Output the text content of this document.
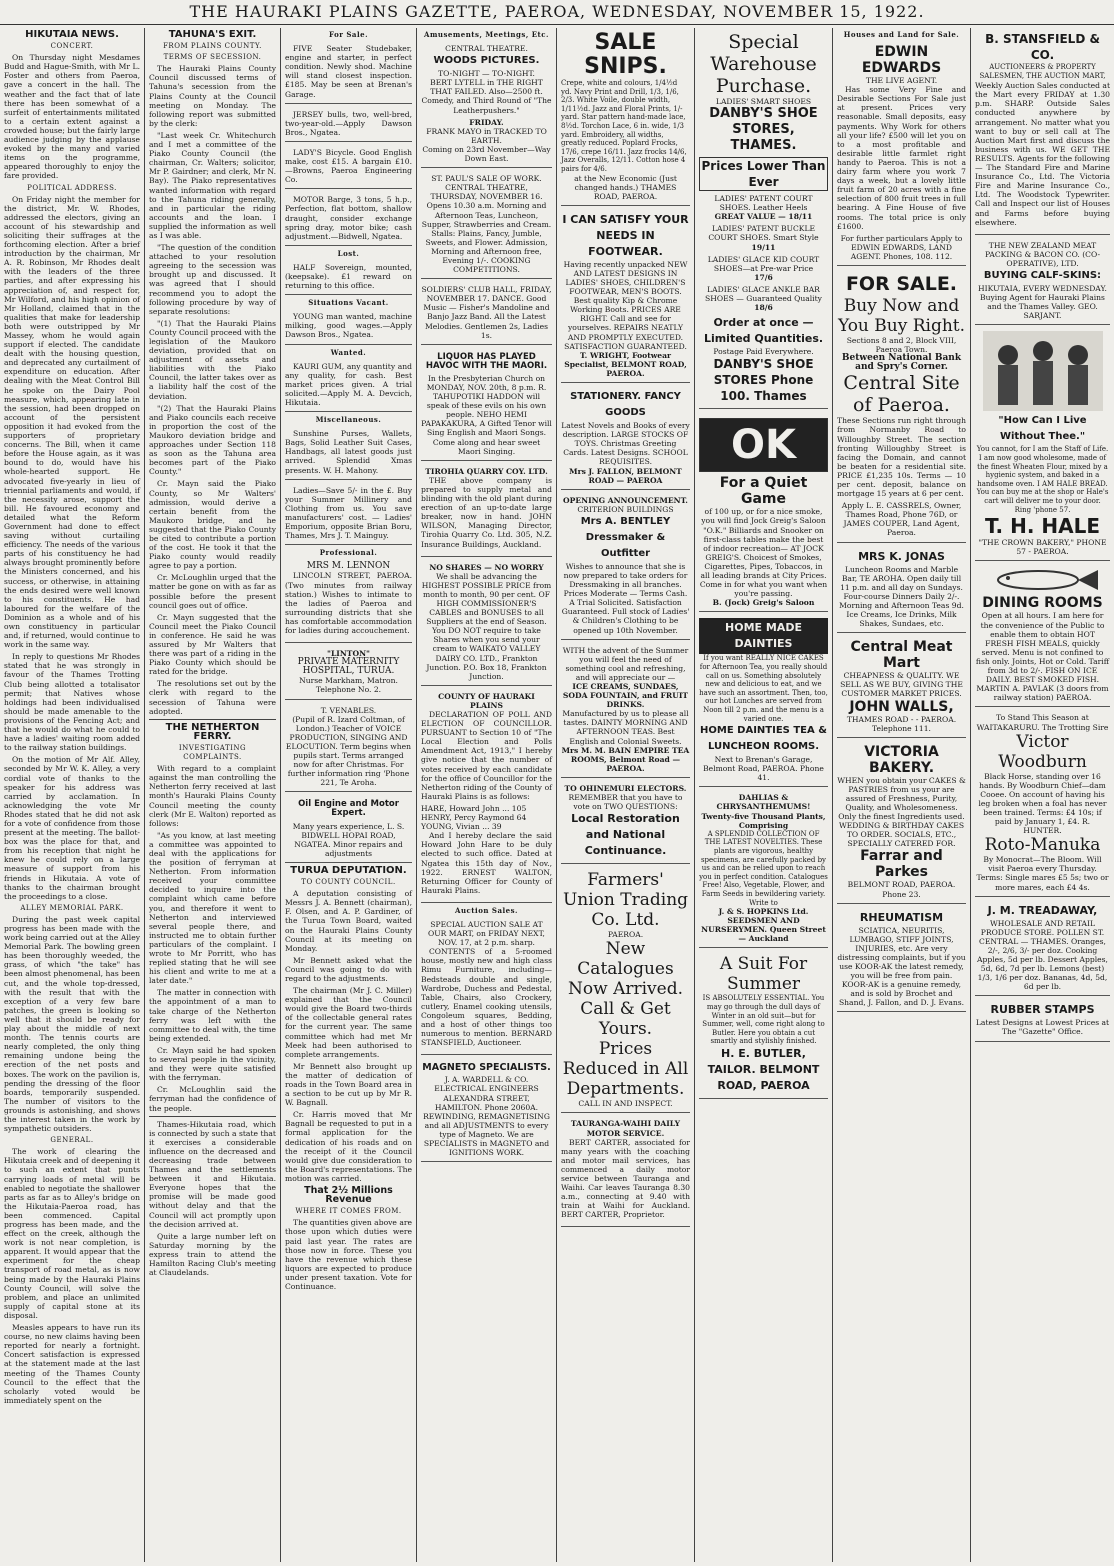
THE HAURAKI PLAINS GAZETTE, PAEROA, WEDNESDAY, NOVEMBER 15, 1922.
HIKUTAIA NEWS.
CONCERT.

On Thursday night Mesdames Budd and Hague-Smith, with Mr L. Foster and others from Paeroa, gave a concert in the hall. The weather and the fact that of late there has been somewhat of a surfeit of entertainments militated to a certain extent against a crowded house; but the fairly large audience judging by the applause evoked by the many and varied items on the programme, appeared thoroughly to enjoy the fare provided.

POLITICAL ADDRESS.

On Friday night the member for the district, Mr. W. Rhodes, addressed the electors, giving an account of his stewardship and soliciting their suffrages at the forthcoming election. After a brief introduction by the chairman, Mr A. R. Robinson, Mr Rhodes dealt with the leaders of the three parties, and after expressing his appreciation of, and respect for, Mr Wilford, and his high opinion of Mr Holland, claimed that in the qualities that make for leadership both were outstripped by Mr Massey, whom he would again support if elected. The candidate dealt with the housing question, and deprecated any curtailment of expenditure on education. After dealing with the Meat Control Bill he spoke on the Dairy Pool measure, which, appearing late in the session, had been dropped on account of the persistent opposition it had evoked from the supporters of proprietary concerns. The Bill, when it came before the House again, as it was bound to do, would have his whole-hearted support. He advocated five-yearly in lieu of triennial parliaments and would, if the necessity arose, support the bill. He favoured economy and detailed what the Reform Government had done to effect saving without curtailing efficiency. The needs of the various parts of his constituency he had always brought prominently before the Ministers concerned, and his success, or otherwise, in attaining the ends desired were well known to his constituents. He had laboured for the welfare of the Dominion as a whole and of his own constituency in particular and, if returned, would continue to work in the same way.

In reply to questions Mr Rhodes stated that he was strongly in favour of the Thames Trotting Club being allotted a totalisator permit; that Natives whose holdings had been individualised should be made amenable to the provisions of the Fencing Act; and that he would do what he could to have a ladies' waiting room added to the railway station buildings.

On the motion of Mr Alf. Alley, seconded by Mr W. K. Alley, a very cordial vote of thanks to the speaker for his address was carried by acclamation. In acknowledging the vote Mr Rhodes stated that he did not ask for a vote of confidence from those present at the meeting. The ballot-box was the place for that, and from his reception that night he knew he could rely on a large measure of support from his friends in Hikutaia. A vote of thanks to the chairman brought the proceedings to a close.

ALLEY MEMORIAL PARK.

During the past week capital progress has been made with the work being carried out at the Alley Memorial Park. The bowling green has been thoroughly weeded, the grass, of which "the take" has been almost phenomenal, has been cut, and the whole top-dressed, with the result that with the exception of a very few bare patches, the green is looking so well that it should be ready for play about the middle of next month. The tennis courts are nearly completed, the only thing remaining undone being the erection of the net posts and boxes. The work on the pavilion is, pending the dressing of the floor boards, temporarily suspended. The number of visitors to the grounds is astonishing, and shows the interest taken in the work by sympathetic outsiders.

GENERAL.

The work of clearing the Hikutaia creek and of deepening it to such an extent that punts carrying loads of metal will be enabled to negotiate the shallower parts as far as to Alley's bridge on the Hikutaia-Paeroa road, has been commenced. Capital progress has been made, and the effect on the creek, although the work is not near completion, is apparent. It would appear that the experiment for the cheap transport of road metal, as is now being made by the Hauraki Plains County Council, will solve the problem, and place an unlimited supply of capital stone at its disposal.

Measles appears to have run its course, no new claims having been reported for nearly a fortnight. Concert satisfaction is expressed at the statement made at the last meeting of the Thames County Council to the effect that the scholarly voted would be immediately spent on the

TAHUNA'S EXIT.
FROM PLAINS COUNTY.
TERMS OF SECESSION.

The Hauraki Plains County Council discussed terms of Tahuna's secession from the Plains County at the Council meeting on Monday. The following report was submitted by the clerk:

"Last week Cr. Whitechurch and I met a committee of the Piako County Council (the chairman, Cr. Walters; solicitor, Mr P. Gairdner; and clerk, Mr N. Bay). The Piako representatives wanted information with regard to the Tahuna riding generally, and in particular the riding accounts and the loan. I supplied the information as well as I was able.

"The question of the condition attached to your resolution agreeing to the secession was brought up and discussed. It was agreed that I should recommend you to adopt the following procedure by way of separate resolutions:

"(1) That the Hauraki Plains County Council proceed with the legislation of the Maukoro deviation, provided that on adjustment of assets and liabilities with the Piako Council, the latter takes over as a liability half the cost of the deviation.

"(2) That the Hauraki Plains and Piako councils each receive in proportion the cost of the Maukoro deviation bridge and approaches under Section 118 as soon as the Tahuna area becomes part of the Piako County."

Cr. Mayn said the Piako County, so Mr Walters' admission, would derive a certain benefit from the Maukoro bridge, and he suggested that the Piako County be cited to contribute a portion of the cost. He took it that the Piako county would readily agree to pay a portion.

Cr. McLoughlin urged that the matter be gone on with as far as possible before the present council goes out of office.

Cr. Mayn suggested that the Council meet the Piako Council in conference. He said he was assured by Mr Walters that there was part of a riding in the Piako County which should be rated for the bridge.

The resolutions set out by the clerk with regard to the secession of Tahuna were adopted.

THE NETHERTON FERRY.
INVESTIGATING COMPLAINTS.

With regard to a complaint against the man controlling the Netherton ferry received at last month's Hauraki Plains County Council meeting the county clerk (Mr E. Walton) reported as follows:

"As you know, at last meeting a committee was appointed to deal with the applications for the position of ferryman at Netherton. From information received your committee decided to inquire into the complaint which came before you, and therefore it went to Netherton and interviewed several people there, and instructed me to obtain further particulars of the complaint. I wrote to Mr Porritt, who has replied stating that he will see his client and write to me at a later date."

The matter in connection with the appointment of a man to take charge of the Netherton ferry was left with the committee to deal with, the time being extended.

Cr. Mayn said he had spoken to several people in the vicinity, and they were quite satisfied with the ferryman.

Cr. McLoughlin said the ferryman had the confidence of the people.

Thames-Hikutaia road, which is connected by such a state that it exercises a considerable influence on the decreased and decreasing trade between Thames and the settlements between it and Hikutaia. Everyone hopes that the promise will be made good without delay and that the Council will act promptly upon the decision arrived at.

Quite a large number left on Saturday morning by the express train to attend the Hamilton Racing Club's meeting at Claudelands.

For Sale.
FIVE Seater Studebaker, engine and starter, in perfect condition. Newly shod. Machine will stand closest inspection. £185. May be seen at Brenan's Garage.
JERSEY bulls, two, well-bred, two-year-old.—Apply Dawson Bros., Ngatea.
LADY'S Bicycle. Good English make, cost £15. A bargain £10.—Browns, Paeroa Engineering Co.
MOTOR Barge, 3 tons, 5 h.p., Perfection, flat bottom, shallow draught, consider exchange spring dray, motor bike; cash adjustment.—Bidwell, Ngatea.
Lost.
HALF Sovereign, mounted, (keepsake). £1 reward on returning to this office.
Situations Vacant.
YOUNG man wanted, machine milking, good wages.—Apply Dawson Bros., Ngatea.
Wanted.
KAURI GUM, any quantity and any quality, for cash. Best market prices given. A trial solicited.—Apply M. A. Devcich, Hikutaia.
Miscellaneous.
Sunshine Purses, Wallets, Bags, Solid Leather Suit Cases, Handbags, all latest goods just arrived. Splendid Xmas presents. W. H. Mahony.
Ladies—Save 5/- in the £. Buy your Summer Millinery and Clothing from us. You save manufacturers' cost. — Ladies' Emporium, opposite Brian Boru, Thames, Mrs J. T. Mainguy.
Professional.
MRS M. LENNON
LINCOLN STREET, PAEROA. (Two minutes from railway station.) Wishes to intimate to the ladies of Paeroa and surrounding districts that she has comfortable accommodation for ladies during accouchement.
"LINTON"
PRIVATE MATERNITY HOSPITAL, TURUA.
Nurse Markham, Matron. Telephone No. 2.
T. VENABLES.
(Pupil of R. Izard Coltman, of London.) Teacher of VOICE PRODUCTION, SINGING AND ELOCUTION. Term begins when pupils start. Terms arranged now for after Christmas. For further information ring 'Phone 221, Te Aroha.
Oil Engine and Motor Expert.
Many years experience, L. S. BIDWELL HOPAI ROAD, NGATEA. Minor repairs and adjustments
TURUA DEPUTATION.
TO COUNTY COUNCIL.

A deputation consisting of Messrs J. A. Bennett (chairman), F. Olsen, and A. P. Gardiner, of the Turua Town Board, waited on the Hauraki Plains County Council at its meeting on Monday.

Mr Bennett asked what the Council was going to do with regard to the adjustments.

The chairman (Mr J. C. Miller) explained that the Council would give the Board two-thirds of the collectable general rates for the current year. The same committee which had met Mr Meek had been authorised to complete arrangements.

Mr Bennett also brought up the matter of dedication of roads in the Town Board area in a section to be cut up by Mr R. W. Bagnall.

Cr. Harris moved that Mr Bagnall be requested to put in a formal application for the dedication of his roads and on the receipt of it the Council would give due consideration to the Board's representations. The motion was carried.

That 2½ Millions Revenue
WHERE IT COMES FROM.

The quantities given above are those upon which duties were paid last year. The rates are those now in force. These you have the revenue which these liquors are expected to produce under present taxation. Vote for Continuance.

Amusements, Meetings, Etc.
CENTRAL THEATRE.
WOODS PICTURES.
TO-NIGHT — TO-NIGHT.
BERT LYTELL in THE RIGHT THAT FAILED. Also—2500 ft. Comedy, and Third Round of "The Leatherpushers."
FRIDAY.
FRANK MAYO in TRACKED TO EARTH.
Coming on 23rd November—Way Down East.
ST. PAUL'S SALE OF WORK. CENTRAL THEATRE, THURSDAY, NOVEMBER 16. Opens 10.30 a.m. Morning and Afternoon Teas, Luncheon, Supper, Strawberries and Cream. Stalls: Plains, Fancy, Jumble, Sweets, and Flower. Admission, Morning and Afternoon free, Evening 1/-. COOKING COMPETITIONS.
SOLDIERS' CLUB HALL, FRIDAY, NOVEMBER 17. DANCE. Good Music — Fisher's Mandoline and Banjo Jazz Band. All the Latest Melodies. Gentlemen 2s, Ladies 1s.
LIQUOR HAS PLAYED HAVOC WITH THE MAORI.
In the Presbyterian Church on MONDAY, NOV. 20th, 8 p.m. R. TAHUPOTIKI HADDON will speak of these evils on his own people. NEHO HEMI PAPAKAKURA, A Gifted Tenor will Sing English and Maori Songs. Come along and hear sweet Maori Singing.
TIROHIA QUARRY COY. LTD.
THE above company is prepared to supply metal and blinding with the old plant during erection of an up-to-date large breaker, now in hand. JOHN WILSON, Managing Director, Tirohia Quarry Co. Ltd. 305, N.Z. Insurance Buildings, Auckland.
NO SHARES — NO WORRY
We shall be advancing the HIGHEST POSSIBLE PRICE from month to month, 90 per cent. OF HIGH COMMISSIONER'S CABLES and BONUSES to all Suppliers at the end of Season. You DO NOT require to take Shares when you send your cream to WAIKATO VALLEY DAIRY CO. LTD., Frankton Junction. P.O. Box 18, Frankton Junction.
COUNTY OF HAURAKI PLAINS
DECLARATION OF POLL AND ELECTION OF COUNCILLOR. PURSUANT to Section 10 of "The Local Election and Polls Amendment Act, 1913," I hereby give notice that the number of votes received by each candidate for the office of Councillor for the Netherton riding of the County of Hauraki Plains is as follows:
HARE, Howard John ... 105
HENRY, Percy Raymond 64
YOUNG, Vivian ... 39
And I hereby declare the said Howard John Hare to be duly elected to such office. Dated at Ngatea this 15th day of Nov., 1922. ERNEST WALTON, Returning Officer for County of Hauraki Plains.
Auction Sales.
SPECIAL AUCTION SALE AT OUR MART, on FRIDAY NEXT, NOV. 17, at 2 p.m. sharp.
CONTENTS of a 5-roomed house, mostly new and high class Rimu Furniture, including—Bedsteads double and single, Wardrobe, Duchess and Pedestal, Table, Chairs, also Crockery, cutlery, Enamel cooking utensils, Congoleum squares, Bedding, and a host of other things too numerous to mention. BERNARD STANSFIELD, Auctioneer.
MAGNETO SPECIALISTS.
J. A. WARDELL & CO. ELECTRICAL ENGINEERS ALEXANDRA STREET, HAMILTON. Phone 2060A. REWINDING, REMAGNETISING and all ADJUSTMENTS to every type of Magneto. We are SPECIALISTS in MAGNETO and IGNITIONS WORK.
SALE SNIPS.
Crepe, white and colours, 1/4½d yd. Navy Print and Drill, 1/3, 1/6, 2/3. White Voile, double width, 1/11½d. Jazz and Floral Prints, 1/- yard. Star pattern hand-made lace, 8½d. Torchon Lace, 6 in. wide, 1/3 yard. Embroidery, all widths, greatly reduced. Poplard Frocks, 17/6, crepe 16/11. Jazz frocks 14/6, Jazz Overalls, 12/11. Cotton hose 4 pairs for 4/6.
at the New Economic (Just changed hands.) THAMES ROAD, PAEROA.
I CAN SATISFY YOUR NEEDS IN FOOTWEAR.
Having recently unpacked NEW AND LATEST DESIGNS IN LADIES' SHOES, CHILDREN'S FOOTWEAR, MEN'S BOOTS. Best quality Kip & Chrome Working Boots. PRICES ARE RIGHT. Call and see for yourselves. REPAIRS NEATLY AND PROMPTLY EXECUTED. SATISFACTION GUARANTEED.
T. WRIGHT, Footwear Specialist, BELMONT ROAD, PAEROA.
STATIONERY. FANCY GOODS
Latest Novels and Books of every description. LARGE STOCKS OF TOYS. Christmas Greeting Cards. Latest Designs. SCHOOL REQUISITES.
Mrs J. FALLON, BELMONT ROAD — PAEROA
OPENING ANNOUNCEMENT.
CRITERION BUILDINGS
Mrs A. BENTLEY Dressmaker & Outfitter
Wishes to announce that she is now prepared to take orders for Dressmaking in all branches. Prices Moderate — Terms Cash. A Trial Solicited. Satisfaction Guaranteed. Full stock of Ladies' & Children's Clothing to be opened up 10th November.
WITH the advent of the Summer you will feel the need of something cool and refreshing, and will appreciate our —
ICE CREAMS, SUNDAES, SODA FOUNTAIN, and FRUIT DRINKS.
Manufactured by us to please all tastes. DAINTY MORNING AND AFTERNOON TEAS. Best English and Colonial Sweets.
Mrs M. M. BAIN EMPIRE TEA ROOMS, Belmont Road — PAEROA.
TO OHINEMURI ELECTORS.
REMEMBER that you have to vote on TWO QUESTIONS:
Local Restoration and National Continuance.
Farmers' Union Trading Co. Ltd.
PAEROA.
New Catalogues Now Arrived.
Call & Get Yours.
Prices Reduced in All Departments.
CALL IN AND INSPECT.
TAURANGA-WAIHI DAILY MOTOR SERVICE.
BERT CARTER, associated for many years with the coaching and motor mail services, has commenced a daily motor service between Tauranga and Waihi. Car leaves Tauranga 8.30 a.m., connecting at 9.40 with train at Waihi for Auckland. BERT CARTER, Proprietor.
Special Warehouse Purchase.
LADIES' SMART SHOES
DANBY'S SHOE STORES, THAMES.
Prices Lower Than Ever
LADIES' PATENT COURT SHOES. Leather Heels
GREAT VALUE — 18/11
LADIES' PATENT BUCKLE COURT SHOES. Smart Style
19/11
LADIES' GLACE KID COURT SHOES—at Pre-war Price
17/6
LADIES' GLACE ANKLE BAR SHOES — Guaranteed Quality
18/6
Order at once — Limited Quantities.
Postage Paid Everywhere.
DANBY'S SHOE STORES Phone 100. Thames
OK
For a Quiet Game
of 100 up, or for a nice smoke, you will find Jock Greig's Saloon "O.K." Billiards and Snooker on first-class tables make the best of indoor recreation— AT JOCK GREIG'S. Choicest of Smokes, Cigarettes, Pipes, Tobaccos, in all leading brands at City Prices. Come in for what you want when you're passing.
B. (Jock) Greig's Saloon
HOME MADE DAINTIES
If you want REALLY NICE CAKES for Afternoon Tea, you really should call on us. Something absolutely new and delicious to eat, and we have such an assortment. Then, too, our hot Lunches are served from Noon till 2 p.m. and the menu is a varied one.
HOME DAINTIES TEA & LUNCHEON ROOMS.
Next to Brenan's Garage, Belmont Road, PAEROA. Phone 41.
DAHLIAS & CHRYSANTHEMUMS! Twenty-five Thousand Plants, Comprising
A SPLENDID COLLECTION OF THE LATEST NOVELTIES. These plants are vigorous, healthy specimens, are carefully packed by us and can be relied upon to reach you in perfect condition. Catalogues Free! Also, Vegetable, Flower, and Farm Seeds in bewildering variety. Write to
J. & S. HOPKINS Ltd. SEEDSMEN AND NURSERYMEN. Queen Street — Auckland
A Suit For Summer
IS ABSOLUTELY ESSENTIAL. You may go through the dull days of Winter in an old suit—but for Summer, well, come right along to Butler. Here you obtain a cut smartly and stylishly finished.
H. E. BUTLER, TAILOR. BELMONT ROAD, PAEROA
Houses and Land for Sale.
EDWIN EDWARDS
THE LIVE AGENT.
Has some Very Fine and Desirable Sections For Sale just at present. Prices very reasonable. Small deposits, easy payments. Why Work for others all your life? £500 will let you on to a most profitable and desirable little farmlet right handy to Paeroa. This is not a dairy farm where you work 7 days a week, but a lovely little fruit farm of 20 acres with a fine selection of 800 fruit trees in full bearing. A Fine House of five rooms. The total price is only £1600.
For further particulars Apply to EDWIN EDWARDS, LAND AGENT. Phones, 108. 112.
FOR SALE.
Buy Now and You Buy Right.
Sections 8 and 2, Block VIII, Paeroa Town.
Between National Bank and Spry's Corner.
Central Site of Paeroa.
These Sections run right through from Normanby Road to Willoughby Street. The section fronting Willoughby Street is facing the Domain, and cannot be beaten for a residential site. PRICE £1,235 10s. Terms — 10 per cent. deposit, balance on mortgage 15 years at 6 per cent.
Apply L. E. CASSRELS, Owner, Thames Road, Phone 76D, or JAMES COUPER, Land Agent, Paeroa.
MRS K. JONAS
Luncheon Rooms and Marble Bar, TE AROHA. Open daily till 11 p.m. and all day on Sundays. Four-course Dinners Daily 2/-. Morning and Afternoon Teas 9d. Ice Creams, Ice Drinks, Milk Shakes, Sundaes, etc.
Central Meat Mart
CHEAPNESS & QUALITY. WE SELL AS WE BUY, GIVING THE CUSTOMER MARKET PRICES.
JOHN WALLS,
THAMES ROAD - - PAEROA. Telephone 111.
VICTORIA BAKERY.
WHEN you obtain your CAKES & PASTRIES from us your are assured of Freshness, Purity, Quality, and Wholesomeness. Only the finest Ingredients used. WEDDING & BIRTHDAY CAKES TO ORDER. SOCIALS, ETC., SPECIALLY CATERED FOR.
Farrar and Parkes
BELMONT ROAD, PAEROA. Phone 23.
RHEUMATISM
SCIATICA, NEURITIS, LUMBAGO, STIFF JOINTS, INJURIES, etc. Are very distressing complaints, but if you use KOOR-AK the latest remedy, you will be free from pain. KOOR-AK is a genuine remedy, and is sold by Brochet and Shand, J. Fallon, and D. J. Evans.
B. STANSFIELD & CO.
AUCTIONEERS & PROPERTY SALESMEN, THE AUCTION MART,
Weekly Auction Sales conducted at the Mart every FRIDAY at 1.30 p.m. SHARP. Outside Sales conducted anywhere by arrangement. No matter what you want to buy or sell call at The Auction Mart first and discuss the business with us. WE GET THE RESULTS. Agents for the following— The Standard Fire and Marine Insurance Co., Ltd. The Victoria Fire and Marine Insurance Co., Ltd. The Woodstock Typewriter. Call and Inspect our list of Houses and Farms before buying elsewhere.
THE NEW ZEALAND MEAT PACKING & BACON CO. (CO-OPERATIVE), LTD.
BUYING CALF-SKINS:
HIKUTAIA, EVERY WEDNESDAY. Buying Agent for Hauraki Plains and the Thames Valley. GEO. SARJANT.
"How Can I Live Without Thee."
You cannot, for I am the Staff of Life. I am now good wholesome, made of the finest Wheaten Flour, mixed by a hygienic system, and baked in a handsome oven. I AM HALE BREAD. You can buy me at the shop or Hale's cart will deliver me to your door. Ring 'phone 57.
T. H. HALE
"THE CROWN BAKERY," PHONE 57 - PAEROA.
DINING ROOMS
Open at all hours. I am here for the convenience of the Public to enable them to obtain HOT FRESH FISH MEALS, quickly served. Menu is not confined to fish only. Joints, Hot or Cold. Tariff from 3d to 2/-. FISH ON ICE DAILY. BEST SMOKED FISH. MARTIN A. PAVLAK (3 doors from railway station) PAEROA.
To Stand This Season at WAITAKARURU. The Trotting Sire
Victor Woodburn
Black Horse, standing over 16 hands. By Woodburn Chief—dam Cooee. On account of having his leg broken when a foal has never been trained. Terms: £4 10s; if paid by January 1, £4. R. HUNTER.
Roto-Manuka
By Monocrat—The Bloom. Will visit Paeroa every Thursday. Terms: Single mares £5 5s; two or more mares, each £4 4s.
J. M. TREADAWAY,
WHOLESALE AND RETAIL PRODUCE STORE. POLLEN ST. CENTRAL — THAMES. Oranges, 2/-, 2/6, 3/- per doz. Cooking Apples, 5d per lb. Dessert Apples, 5d, 6d, 7d per lb. Lemons (best) 1/3, 1/6 per doz. Bananas, 4d, 5d, 6d per lb.
RUBBER STAMPS
Latest Designs at Lowest Prices at The "Gazette" Office.
